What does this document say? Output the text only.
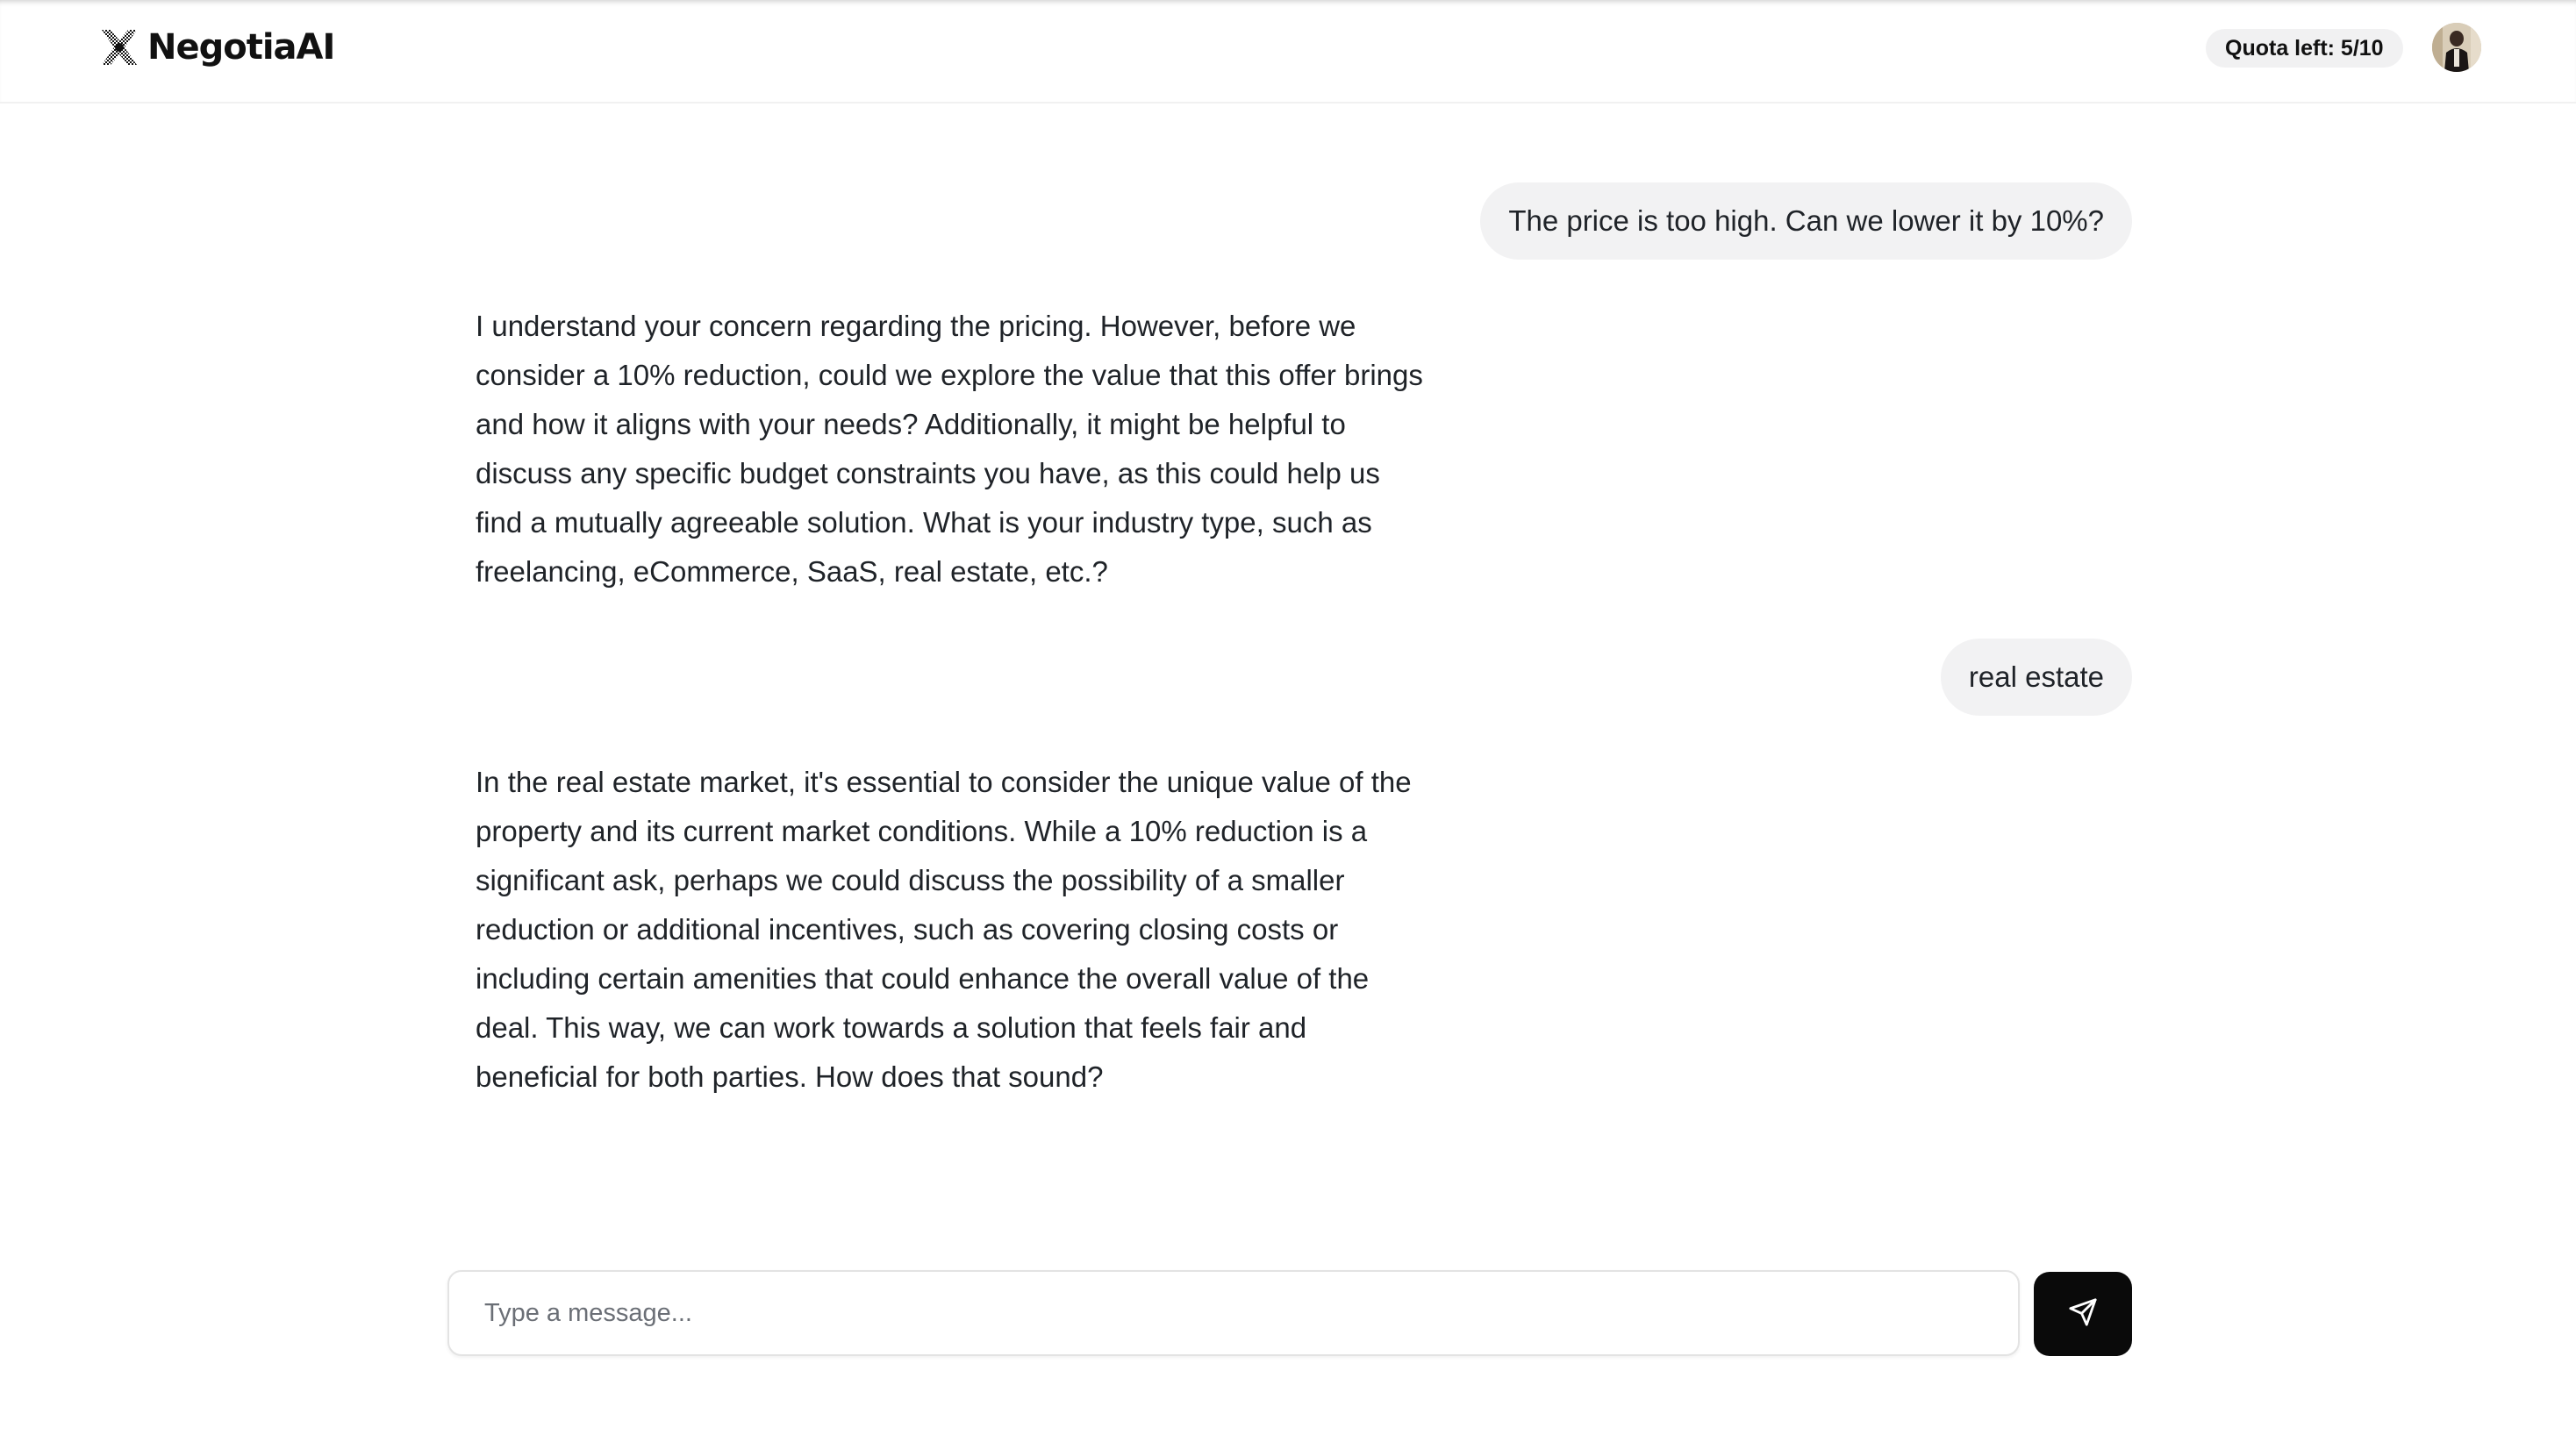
NegotiaAI	Quota left: 5/10
The price is too high. Can we lower it by 10%?
I understand your concern regarding the pricing. However, before we consider a 10% reduction, could we explore the value that this offer brings and how it aligns with your needs? Additionally, it might be helpful to discuss any specific budget constraints you have, as this could help us find a mutually agreeable solution. What is your industry type, such as freelancing, eCommerce, SaaS, real estate, etc.?
real estate
In the real estate market, it's essential to consider the unique value of the property and its current market conditions. While a 10% reduction is a significant ask, perhaps we could discuss the possibility of a smaller reduction or additional incentives, such as covering closing costs or including certain amenities that could enhance the overall value of the deal. This way, we can work towards a solution that feels fair and beneficial for both parties. How does that sound?
Type a message...
